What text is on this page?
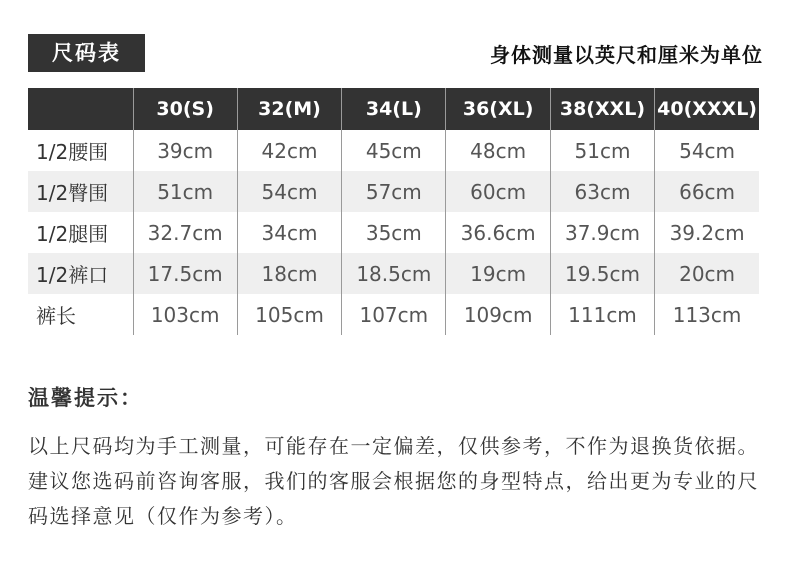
尺码表	身体测量以英尺和厘米为单位
	30(S)	32(M)	34(L)	36(XL)	38(XXL)	40(XXXL)
1/2腰围	39cm	42cm	45cm	48cm	51cm	54cm
1/2臀围	51cm	54cm	57cm	60cm	63cm	66cm
1/2腿围	32.7cm	34cm	35cm	36.6cm	37.9cm	39.2cm
1/2裤口	17.5cm	18cm	18.5cm	19cm	19.5cm	20cm
裤长	103cm	105cm	107cm	109cm	111cm	113cm
温馨提示：

以上尺码均为手工测量，可能存在一定偏差，仅供参考，不作为退换货依据。建议您选码前咨询客服，我们的客服会根据您的身型特点，给出更为专业的尺码选择意见（仅作为参考）。
